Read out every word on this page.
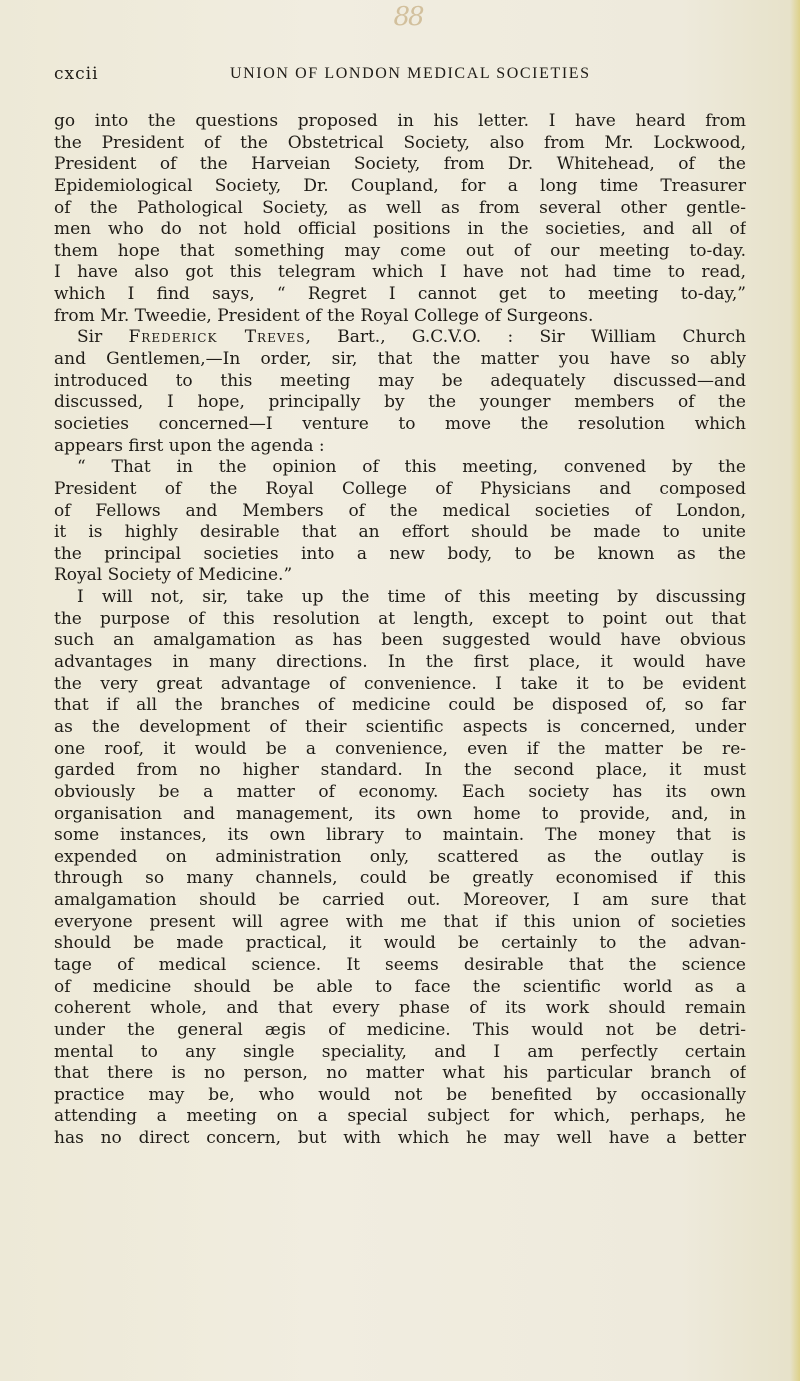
88
cxcii	UNION OF LONDON MEDICAL SOCIETIES
go into the questions proposed in his letter. I have heard from
the President of the Obstetrical Society, also from Mr. Lockwood,
President of the Harveian Society, from Dr. Whitehead, of the
Epidemiological Society, Dr. Coupland, for a long time Treasurer
of the Pathological Society, as well as from several other gentle-
men who do not hold official positions in the societies, and all of
them hope that something may come out of our meeting to-day.
I have also got this telegram which I have not had time to read,
which I find says, “ Regret I cannot get to meeting to-day,”
from Mr. Tweedie, President of the Royal College of Surgeons.
Sir Frederick Treves, Bart., G.C.V.O. : Sir William Church
and Gentlemen,—In order, sir, that the matter you have so ably
introduced to this meeting may be adequately discussed—and
discussed, I hope, principally by the younger members of the
societies concerned—I venture to move the resolution which
appears first upon the agenda :
“ That in the opinion of this meeting, convened by the
President of the Royal College of Physicians and composed
of Fellows and Members of the medical societies of London,
it is highly desirable that an effort should be made to unite
the principal societies into a new body, to be known as the
Royal Society of Medicine.”
I will not, sir, take up the time of this meeting by discussing
the purpose of this resolution at length, except to point out that
such an amalgamation as has been suggested would have obvious
advantages in many directions. In the first place, it would have
the very great advantage of convenience. I take it to be evident
that if all the branches of medicine could be disposed of, so far
as the development of their scientific aspects is concerned, under
one roof, it would be a convenience, even if the matter be re-
garded from no higher standard. In the second place, it must
obviously be a matter of economy. Each society has its own
organisation and management, its own home to provide, and, in
some instances, its own library to maintain. The money that is
expended on administration only, scattered as the outlay is
through so many channels, could be greatly economised if this
amalgamation should be carried out. Moreover, I am sure that
everyone present will agree with me that if this union of societies
should be made practical, it would be certainly to the advan-
tage of medical science. It seems desirable that the science
of medicine should be able to face the scientific world as a
coherent whole, and that every phase of its work should remain
under the general ægis of medicine. This would not be detri-
mental to any single speciality, and I am perfectly certain
that there is no person, no matter what his particular branch of
practice may be, who would not be benefited by occasionally
attending a meeting on a special subject for which, perhaps, he
has no direct concern, but with which he may well have a better
